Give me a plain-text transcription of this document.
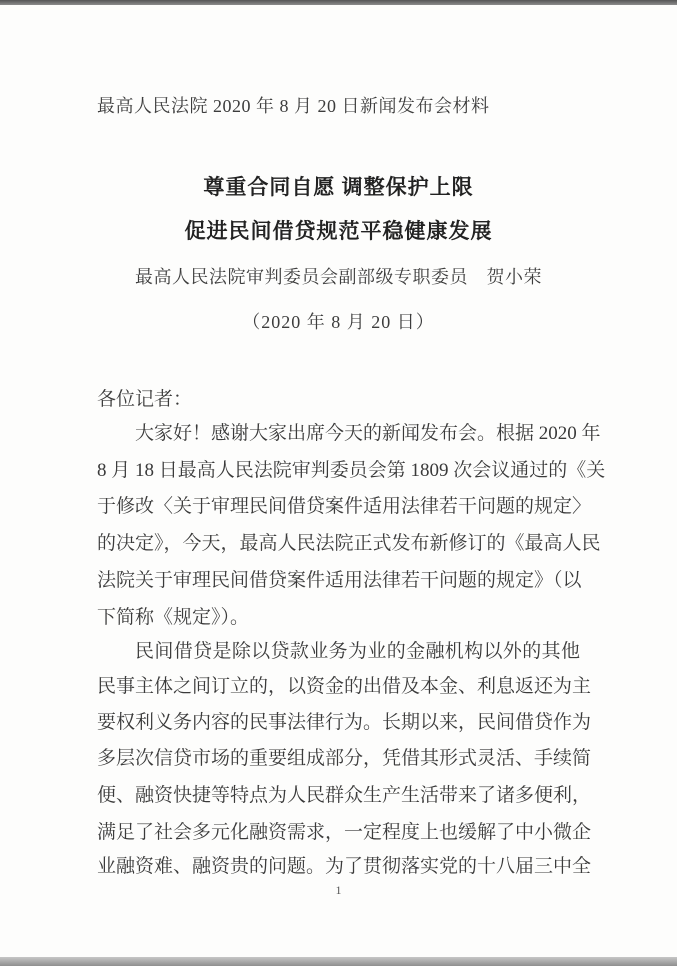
最高人民法院 2020 年 8 月 20 日新闻发布会材料
尊重合同自愿 调整保护上限
促进民间借贷规范平稳健康发展
最高人民法院审判委员会副部级专职委员　贺小荣
（2020 年 8 月 20 日）
各位记者：
大家好！感谢大家出席今天的新闻发布会。根据 2020 年
8 月 18 日最高人民法院审判委员会第 1809 次会议通过的《关
于修改〈关于审理民间借贷案件适用法律若干问题的规定〉
的决定》，今天，最高人民法院正式发布新修订的《最高人民
法院关于审理民间借贷案件适用法律若干问题的规定》（以
下简称《规定》）。
民间借贷是除以贷款业务为业的金融机构以外的其他
民事主体之间订立的，以资金的出借及本金、利息返还为主
要权利义务内容的民事法律行为。长期以来，民间借贷作为
多层次信贷市场的重要组成部分，凭借其形式灵活、手续简
便、融资快捷等特点为人民群众生产生活带来了诸多便利，
满足了社会多元化融资需求，一定程度上也缓解了中小微企
业融资难、融资贵的问题。为了贯彻落实党的十八届三中全
1
